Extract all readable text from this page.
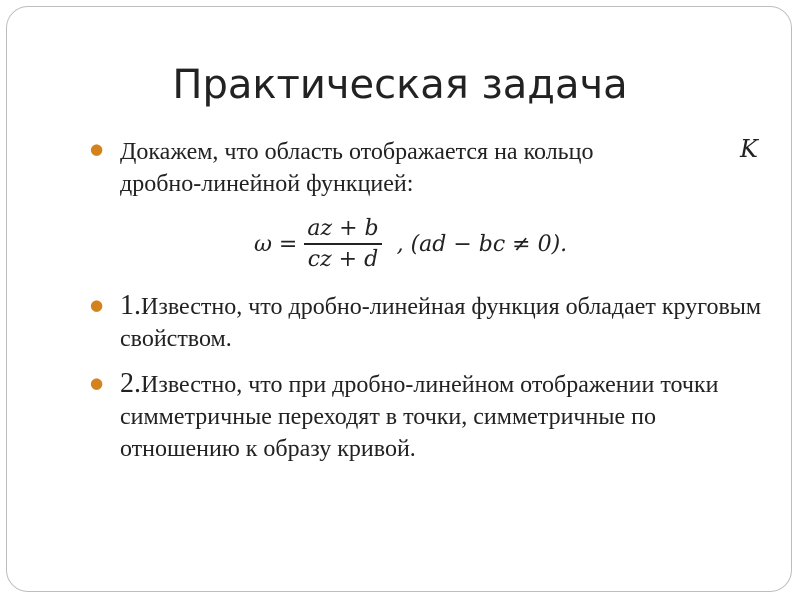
Практическая задача
● Докажем, что область отображается на кольцо
дробно-линейной функцией:
K
$\omega = \frac{az + b}{cz + d}$ , (ad − bc ≠ 0).
● 1.Известно, что дробно-линейная функция обладает круговым свойством.
● 2.Известно, что при дробно-линейном отображении точки симметричные переходят в точки, симметричные по отношению к образу кривой.
